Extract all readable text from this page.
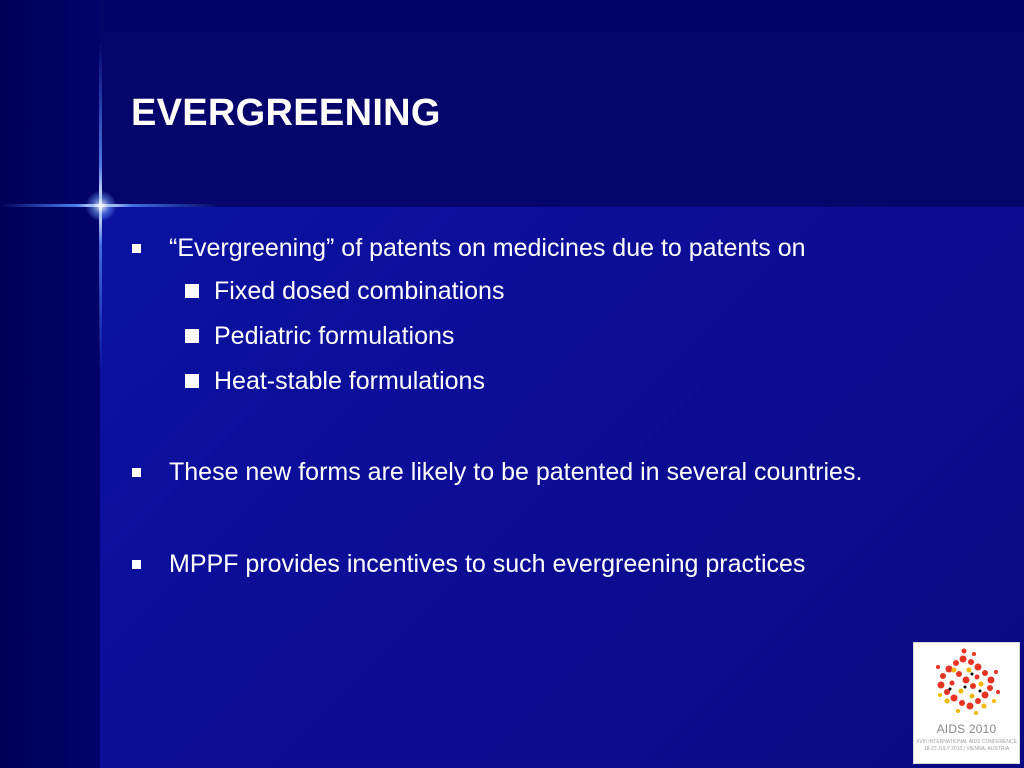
EVERGREENING
“Evergreening” of patents on medicines due to patents on
Fixed dosed combinations
Pediatric formulations
Heat-stable formulations
These new forms are likely to be patented in several countries.
MPPF provides incentives to such evergreening practices
AIDS 2010
XVIII INTERNATIONAL AIDS CONFERENCE
18-23 JULY 2010 | VIENNA, AUSTRIA
